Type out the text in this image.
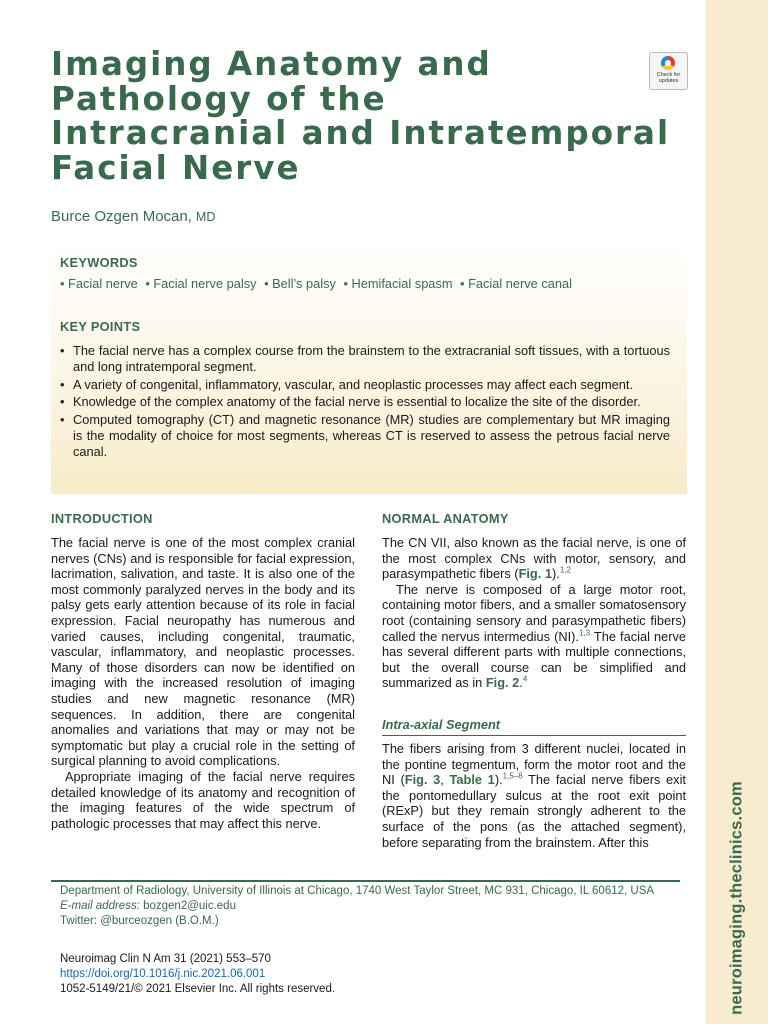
neuroimaging.theclinics.com
Imaging Anatomy and
Pathology of the
Intracranial and Intratemporal
Facial Nerve
Check for
updates
Burce Ozgen Mocan, MD
KEYWORDS
• Facial nerve • Facial nerve palsy • Bell’s palsy • Hemifacial spasm • Facial nerve canal
KEY POINTS
• The facial nerve has a complex course from the brainstem to the extracranial soft tissues, with a tortuous and long intratemporal segment.
• A variety of congenital, inflammatory, vascular, and neoplastic processes may affect each segment.
• Knowledge of the complex anatomy of the facial nerve is essential to localize the site of the disorder.
• Computed tomography (CT) and magnetic resonance (MR) studies are complementary but MR imaging is the modality of choice for most segments, whereas CT is reserved to assess the petrous facial nerve canal.
INTRODUCTION

The facial nerve is one of the most complex cranial nerves (CNs) and is responsible for facial expression, lacrimation, salivation, and taste. It is also one of the most commonly paralyzed nerves in the body and its palsy gets early attention because of its role in facial expression. Facial neuropathy has numerous and varied causes, including congenital, traumatic, vascular, inflammatory, and neoplastic processes. Many of those disorders can now be identified on imaging with the increased resolution of imaging studies and new magnetic resonance (MR) sequences. In addition, there are congenital anomalies and variations that may or may not be symptomatic but play a crucial role in the setting of surgical planning to avoid complications.

Appropriate imaging of the facial nerve requires detailed knowledge of its anatomy and recognition of the imaging features of the wide spectrum of pathologic processes that may affect this nerve.

NORMAL ANATOMY

The CN VII, also known as the facial nerve, is one of the most complex CNs with motor, sensory, and parasympathetic fibers (Fig. 1).$^{1,2}$

The nerve is composed of a large motor root, containing motor fibers, and a smaller somatosensory root (containing sensory and parasympathetic fibers) called the nervus intermedius (NI).$^{1,3}$ The facial nerve has several different parts with multiple connections, but the overall course can be simplified and summarized as in Fig. 2.$^4$

Intra-axial Segment

The fibers arising from 3 different nuclei, located in the pontine tegmentum, form the motor root and the NI (Fig. 3, Table 1).$^{1,5-8}$ The facial nerve fibers exit the pontomedullary sulcus at the root exit point (RExP) but they remain strongly adherent to the surface of the pons (as the attached segment), before separating from the brainstem. After this

Department of Radiology, University of Illinois at Chicago, 1740 West Taylor Street, MC 931, Chicago, IL 60612, USA

E-mail address: bozgen2@uic.edu

Twitter: @burceozgen (B.O.M.)

Neuroimag Clin N Am 31 (2021) 553–570
https://doi.org/10.1016/j.nic.2021.06.001
1052-5149/21/© 2021 Elsevier Inc. All rights reserved.
